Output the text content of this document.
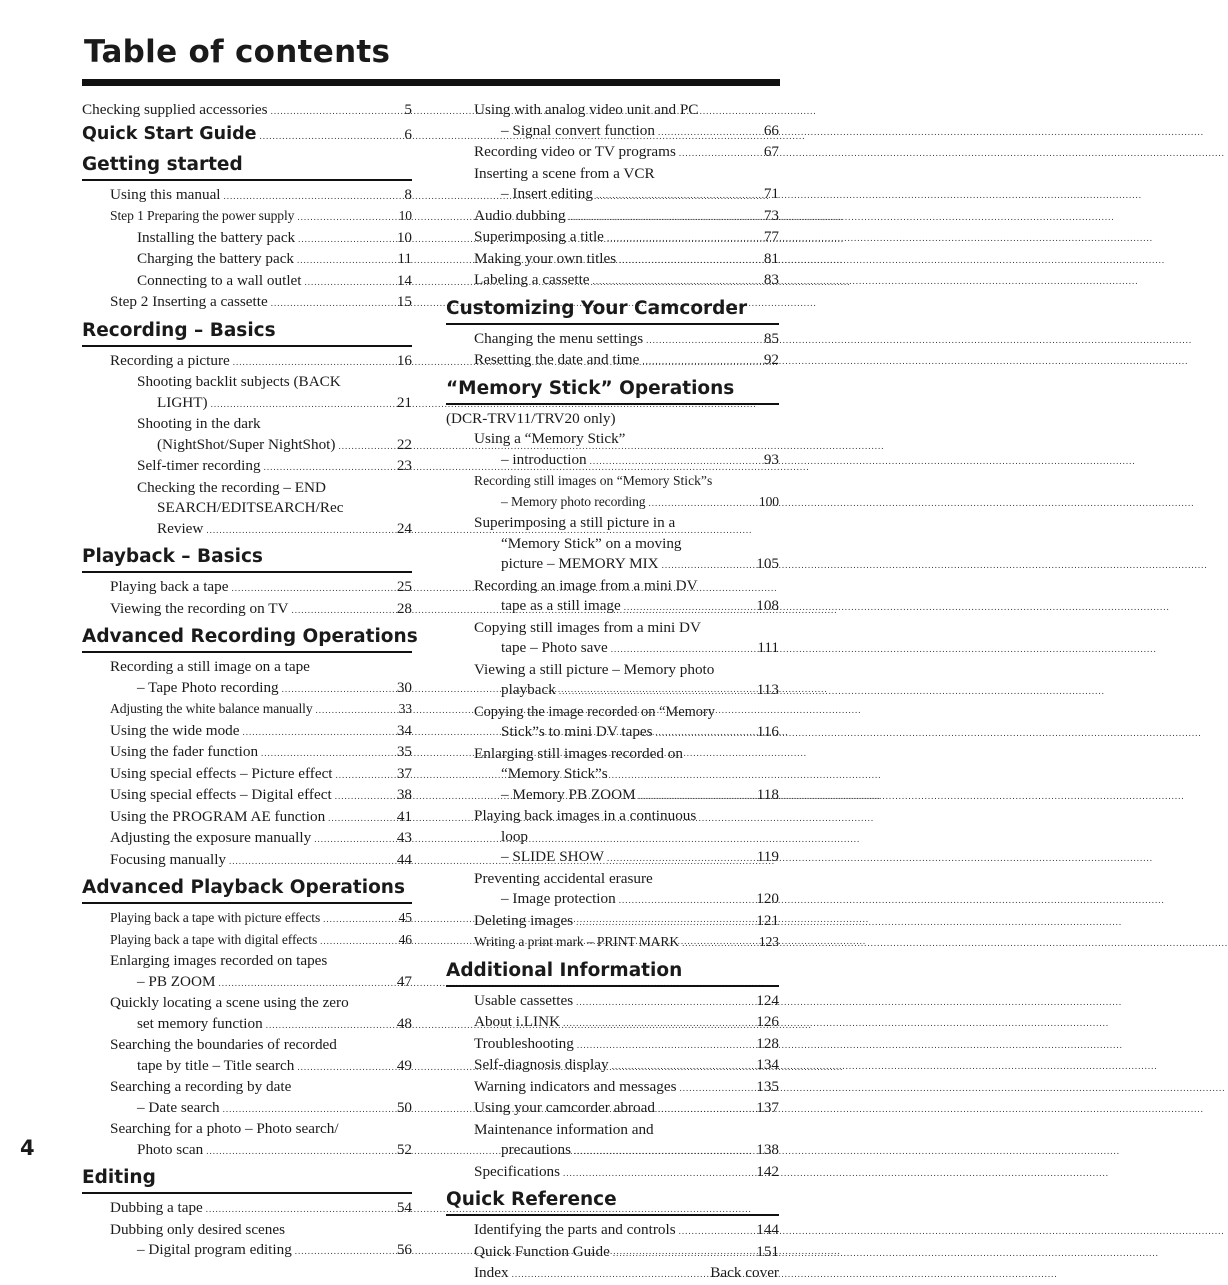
Table of contents
Checking supplied accessories .....	5
Quick Start Guide .....	6
Getting started
Using this manual .....	8
Step 1 Preparing the power supply .....	10
Installing the battery pack .....	10
Charging the battery pack .....	11
Connecting to a wall outlet .....	14
Step 2 Inserting a cassette .....	15
Recording – Basics
Recording a picture .....	16
Shooting backlit subjects (BACK
LIGHT) .....	21
Shooting in the dark
(NightShot/Super NightShot) .....	22
Self-timer recording .....	23
Checking the recording – END
SEARCH/EDITSEARCH/Rec
Review .....	24
Playback – Basics
Playing back a tape .....	25
Viewing the recording on TV .....	28
Advanced Recording Operations
Recording a still image on a tape
– Tape Photo recording .....	30
Adjusting the white balance manually .....	33
Using the wide mode .....	34
Using the fader function .....	35
Using special effects – Picture effect .....	37
Using special effects – Digital effect .....	38
Using the PROGRAM AE function .....	41
Adjusting the exposure manually .....	43
Focusing manually .....	44
Advanced Playback Operations
Playing back a tape with picture effects .....	45
Playing back a tape with digital effects .....	46
Enlarging images recorded on tapes
– PB ZOOM .....	47
Quickly locating a scene using the zero
set memory function .....	48
Searching the boundaries of recorded
tape by title – Title search .....	49
Searching a recording by date
– Date search .....	50
Searching for a photo – Photo search/
Photo scan .....	52
Editing
Dubbing a tape .....	54
Dubbing only desired scenes
– Digital program editing .....	56
Using with analog video unit and PC
– Signal convert function .....	66
Recording video or TV programs .....	67
Inserting a scene from a VCR
– Insert editing .....	71
Audio dubbing .....	73
Superimposing a title .....	77
Making your own titles .....	81
Labeling a cassette .....	83
Customizing Your Camcorder
Changing the menu settings .....	85
Resetting the date and time .....	92
“Memory Stick” Operations
(DCR-TRV11/TRV20 only)
Using a “Memory Stick”
– introduction .....	93
Recording still images on “Memory Stick”s
– Memory photo recording .....	100
Superimposing a still picture in a
“Memory Stick” on a moving
picture – MEMORY MIX .....	105
Recording an image from a mini DV
tape as a still image .....	108
Copying still images from a mini DV
tape – Photo save .....	111
Viewing a still picture – Memory photo
playback .....	113
Copying the image recorded on “Memory
Stick”s to mini DV tapes .....	116
Enlarging still images recorded on
“Memory Stick”s
– Memory PB ZOOM .....	118
Playing back images in a continuous
loop
– SLIDE SHOW .....	119
Preventing accidental erasure
– Image protection .....	120
Deleting images .....	121
Writing a print mark – PRINT MARK .....	123
Additional Information
Usable cassettes .....	124
About i.LINK .....	126
Troubleshooting .....	128
Self-diagnosis display .....	134
Warning indicators and messages .....	135
Using your camcorder abroad .....	137
Maintenance information and
precautions .....	138
Specifications .....	142
Quick Reference
Identifying the parts and controls .....	144
Quick Function Guide .....	151
Index .....	Back cover
4
